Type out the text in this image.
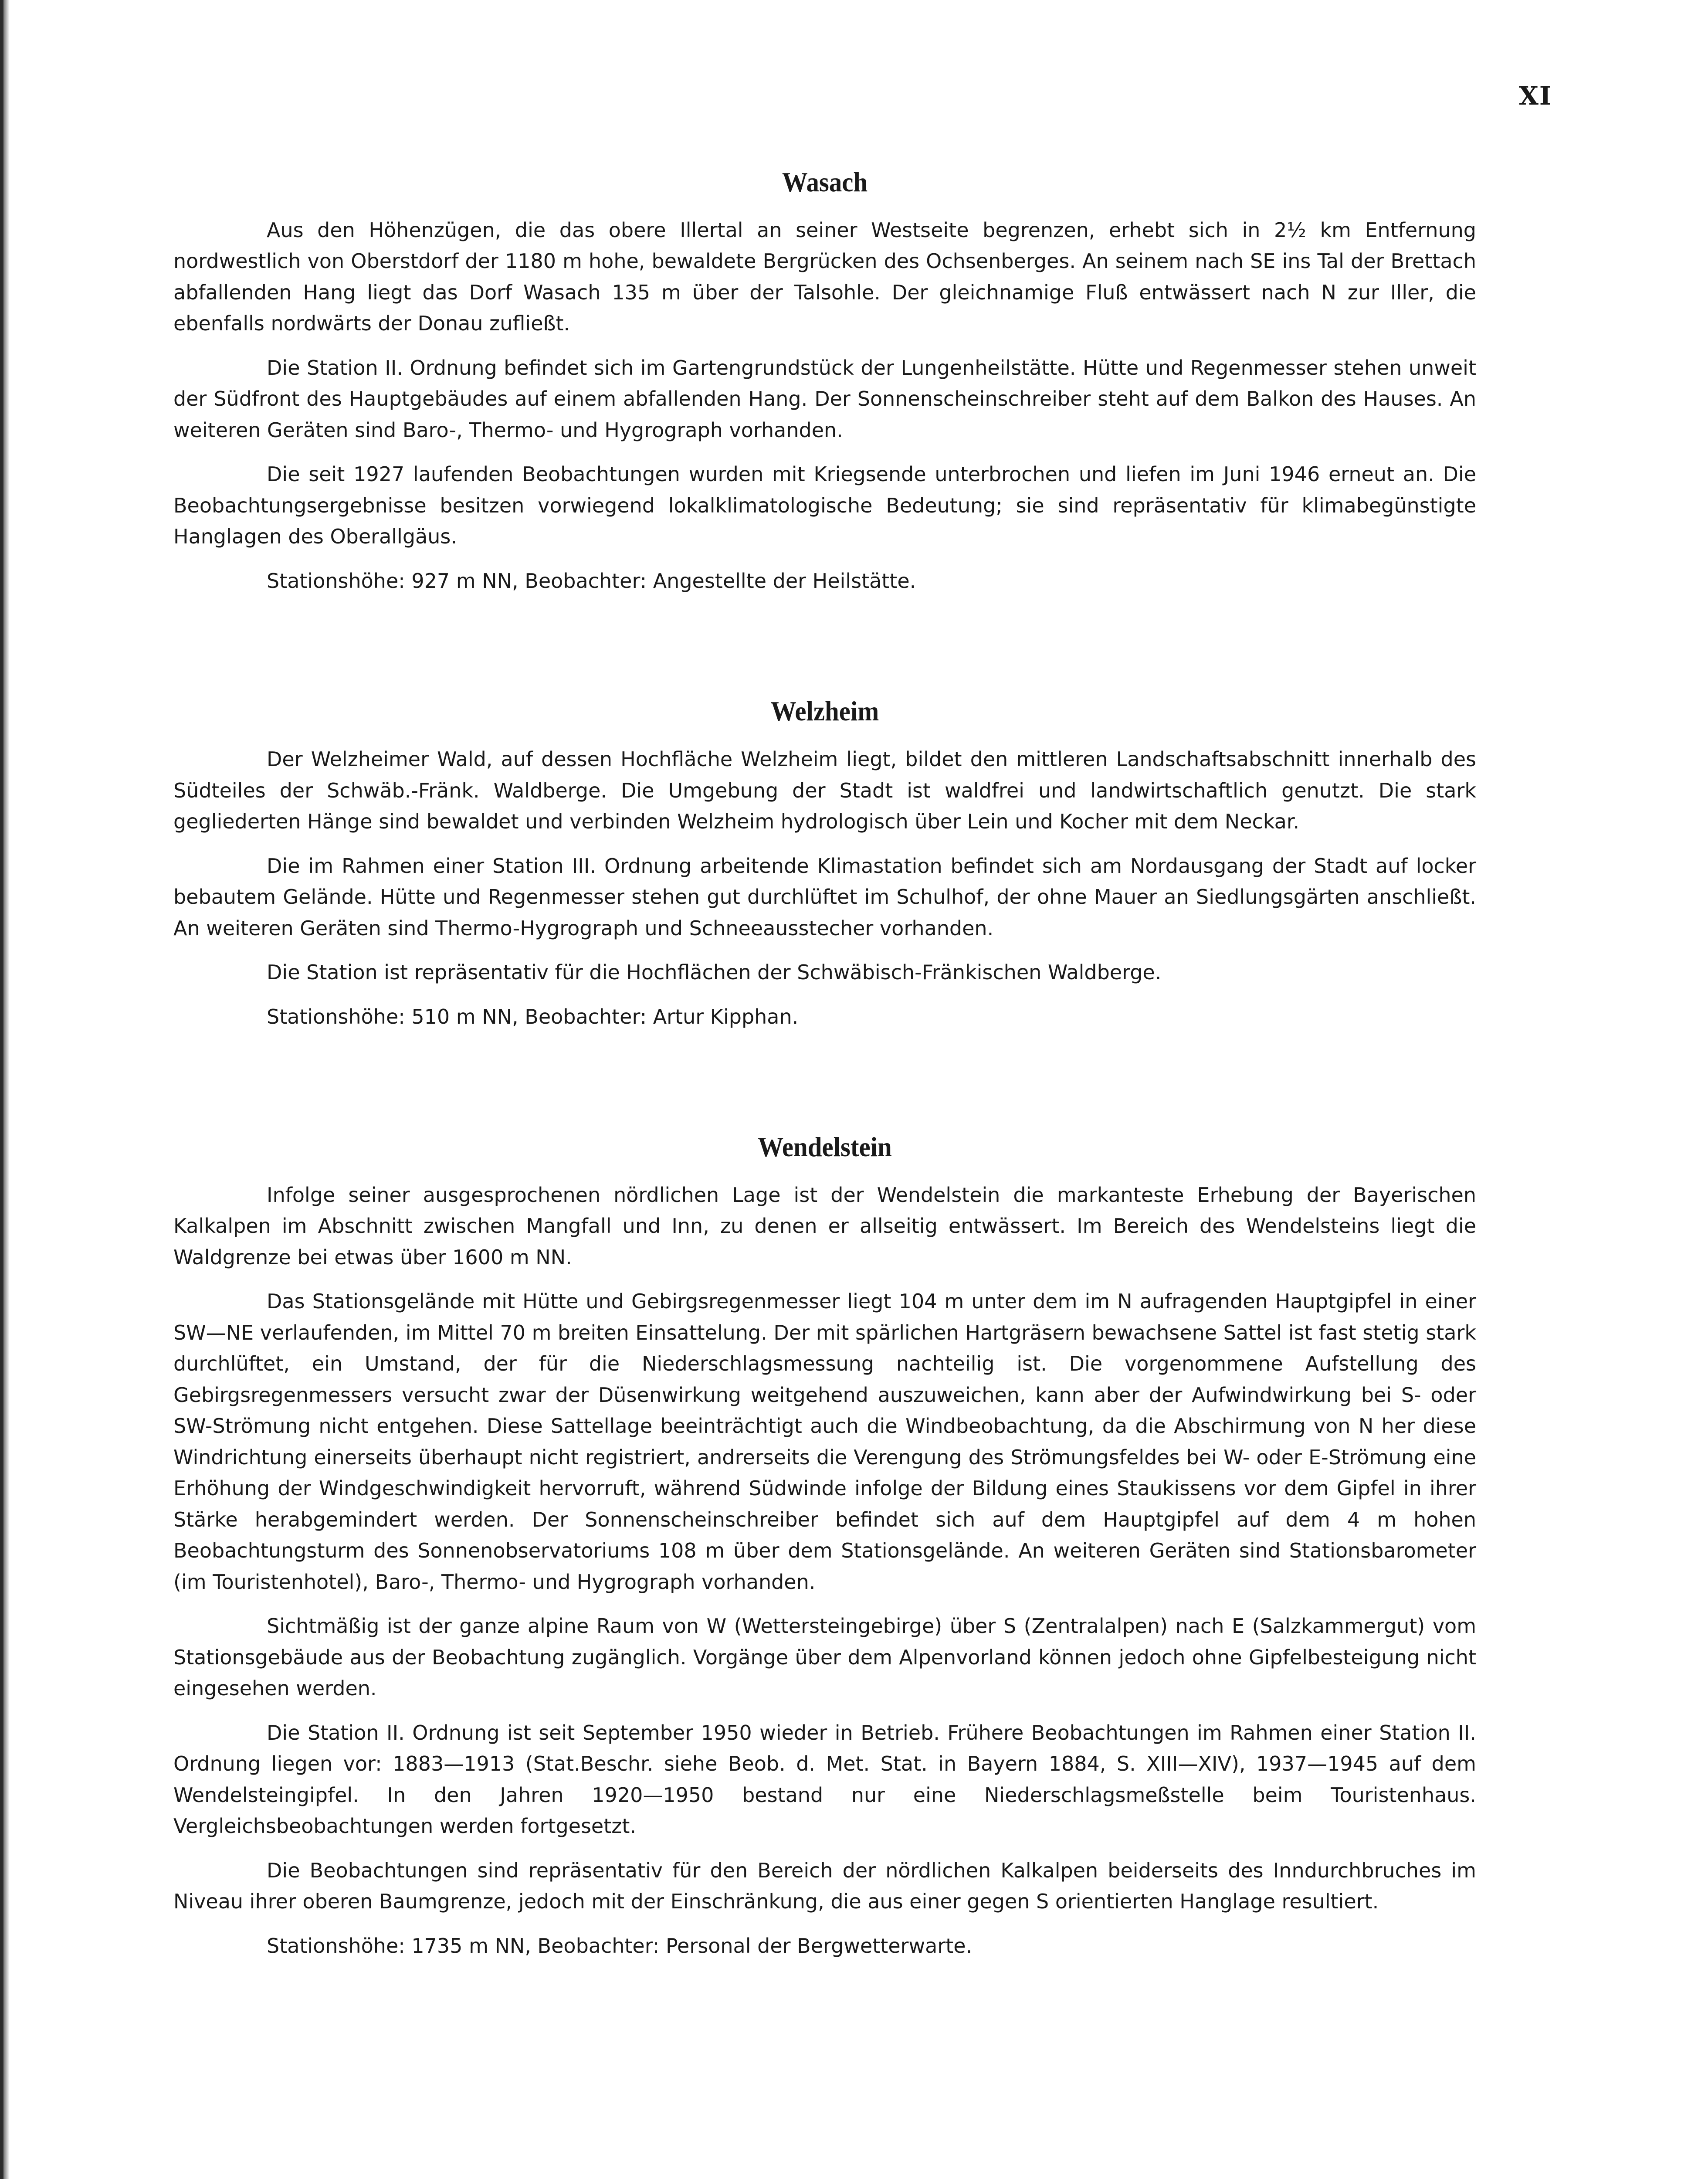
XI
Wasach

Aus den Höhenzügen, die das obere Illertal an seiner Westseite begrenzen, erhebt sich in 2½ km Entfernung nordwestlich von Oberstdorf der 1180 m hohe, bewaldete Bergrücken des Ochsenberges. An seinem nach SE ins Tal der Brettach abfallenden Hang liegt das Dorf Wasach 135 m über der Talsohle. Der gleichnamige Fluß entwässert nach N zur Iller, die ebenfalls nordwärts der Donau zufließt.

Die Station II. Ordnung befindet sich im Gartengrundstück der Lungenheilstätte. Hütte und Regenmesser stehen unweit der Südfront des Hauptgebäudes auf einem abfallenden Hang. Der Sonnenscheinschreiber steht auf dem Balkon des Hauses. An weiteren Geräten sind Baro-, Thermo- und Hygrograph vorhanden.

Die seit 1927 laufenden Beobachtungen wurden mit Kriegsende unterbrochen und liefen im Juni 1946 erneut an. Die Beobachtungsergebnisse besitzen vorwiegend lokalklimatologische Bedeutung; sie sind repräsentativ für klimabegünstigte Hanglagen des Oberallgäus.

Stationshöhe: 927 m NN, Beobachter: Angestellte der Heilstätte.

Welzheim

Der Welzheimer Wald, auf dessen Hochfläche Welzheim liegt, bildet den mittleren Landschaftsabschnitt innerhalb des Südteiles der Schwäb.-Fränk. Waldberge. Die Umgebung der Stadt ist waldfrei und landwirtschaftlich genutzt. Die stark gegliederten Hänge sind bewaldet und verbinden Welzheim hydrologisch über Lein und Kocher mit dem Neckar.

Die im Rahmen einer Station III. Ordnung arbeitende Klimastation befindet sich am Nordausgang der Stadt auf locker bebautem Gelände. Hütte und Regenmesser stehen gut durchlüftet im Schulhof, der ohne Mauer an Siedlungsgärten anschließt. An weiteren Geräten sind Thermo-Hygrograph und Schneeausstecher vorhanden.

Die Station ist repräsentativ für die Hochflächen der Schwäbisch-Fränkischen Waldberge.

Stationshöhe: 510 m NN, Beobachter: Artur Kipphan.

Wendelstein

Infolge seiner ausgesprochenen nördlichen Lage ist der Wendelstein die markanteste Erhebung der Bayerischen Kalkalpen im Abschnitt zwischen Mangfall und Inn, zu denen er allseitig entwässert. Im Bereich des Wendelsteins liegt die Waldgrenze bei etwas über 1600 m NN.

Das Stationsgelände mit Hütte und Gebirgsregenmesser liegt 104 m unter dem im N aufragenden Hauptgipfel in einer SW—NE verlaufenden, im Mittel 70 m breiten Einsattelung. Der mit spärlichen Hartgräsern bewachsene Sattel ist fast stetig stark durchlüftet, ein Umstand, der für die Niederschlagsmessung nachteilig ist. Die vorgenommene Aufstellung des Gebirgsregenmessers versucht zwar der Düsenwirkung weitgehend auszuweichen, kann aber der Aufwindwirkung bei S- oder SW-Strömung nicht entgehen. Diese Sattellage beeinträchtigt auch die Windbeobachtung, da die Abschirmung von N her diese Windrichtung einerseits überhaupt nicht registriert, andrerseits die Verengung des Strömungsfeldes bei W- oder E-Strömung eine Erhöhung der Windgeschwindigkeit hervorruft, während Südwinde infolge der Bildung eines Staukissens vor dem Gipfel in ihrer Stärke herabgemindert werden. Der Sonnenscheinschreiber befindet sich auf dem Hauptgipfel auf dem 4 m hohen Beobachtungsturm des Sonnenobservatoriums 108 m über dem Stationsgelände. An weiteren Geräten sind Stationsbarometer (im Touristenhotel), Baro-, Thermo- und Hygrograph vorhanden.

Sichtmäßig ist der ganze alpine Raum von W (Wettersteingebirge) über S (Zentralalpen) nach E (Salzkammergut) vom Stationsgebäude aus der Beobachtung zugänglich. Vorgänge über dem Alpenvorland können jedoch ohne Gipfelbesteigung nicht eingesehen werden.

Die Station II. Ordnung ist seit September 1950 wieder in Betrieb. Frühere Beobachtungen im Rahmen einer Station II. Ordnung liegen vor: 1883—1913 (Stat.Beschr. siehe Beob. d. Met. Stat. in Bayern 1884, S. XIII—XIV), 1937—1945 auf dem Wendelsteingipfel. In den Jahren 1920—1950 bestand nur eine Niederschlagsmeßstelle beim Touristenhaus. Vergleichsbeobachtungen werden fortgesetzt.

Die Beobachtungen sind repräsentativ für den Bereich der nördlichen Kalkalpen beiderseits des Inndurchbruches im Niveau ihrer oberen Baumgrenze, jedoch mit der Einschränkung, die aus einer gegen S orientierten Hanglage resultiert.

Stationshöhe: 1735 m NN, Beobachter: Personal der Bergwetterwarte.
